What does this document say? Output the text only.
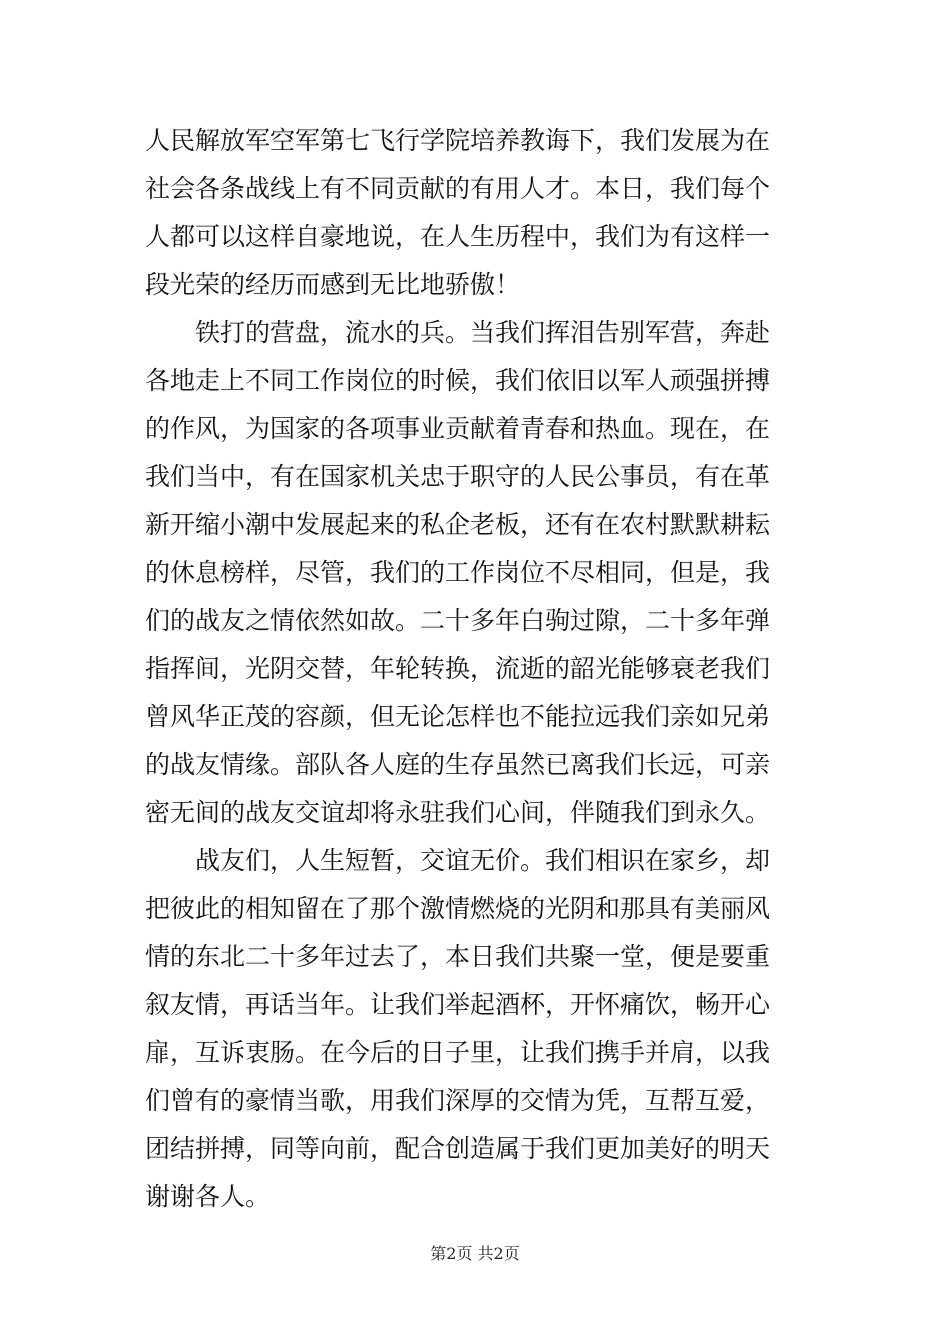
人民解放军空军第七飞行学院培养教诲下，我们发展为在
社会各条战线上有不同贡献的有用人才。本日，我们每个
人都可以这样自豪地说，在人生历程中，我们为有这样一
段光荣的经历而感到无比地骄傲！
铁打的营盘，流水的兵。当我们挥泪告别军营，奔赴
各地走上不同工作岗位的时候，我们依旧以军人顽强拼搏
的作风，为国家的各项事业贡献着青春和热血。现在，在
我们当中，有在国家机关忠于职守的人民公事员，有在革
新开缩小潮中发展起来的私企老板，还有在农村默默耕耘
的休息榜样，尽管，我们的工作岗位不尽相同，但是，我
们的战友之情依然如故。二十多年白驹过隙，二十多年弹
指挥间，光阴交替，年轮转换，流逝的韶光能够衰老我们
曾风华正茂的容颜，但无论怎样也不能拉远我们亲如兄弟
的战友情缘。部队各人庭的生存虽然已离我们长远，可亲
密无间的战友交谊却将永驻我们心间，伴随我们到永久。
战友们，人生短暂，交谊无价。我们相识在家乡，却
把彼此的相知留在了那个激情燃烧的光阴和那具有美丽风
情的东北二十多年过去了，本日我们共聚一堂，便是要重
叙友情，再话当年。让我们举起酒杯，开怀痛饮，畅开心
扉，互诉衷肠。在今后的日子里，让我们携手并肩，以我
们曾有的豪情当歌，用我们深厚的交情为凭，互帮互爱，
团结拼搏，同等向前，配合创造属于我们更加美好的明天
谢谢各人。
第2页 共2页
